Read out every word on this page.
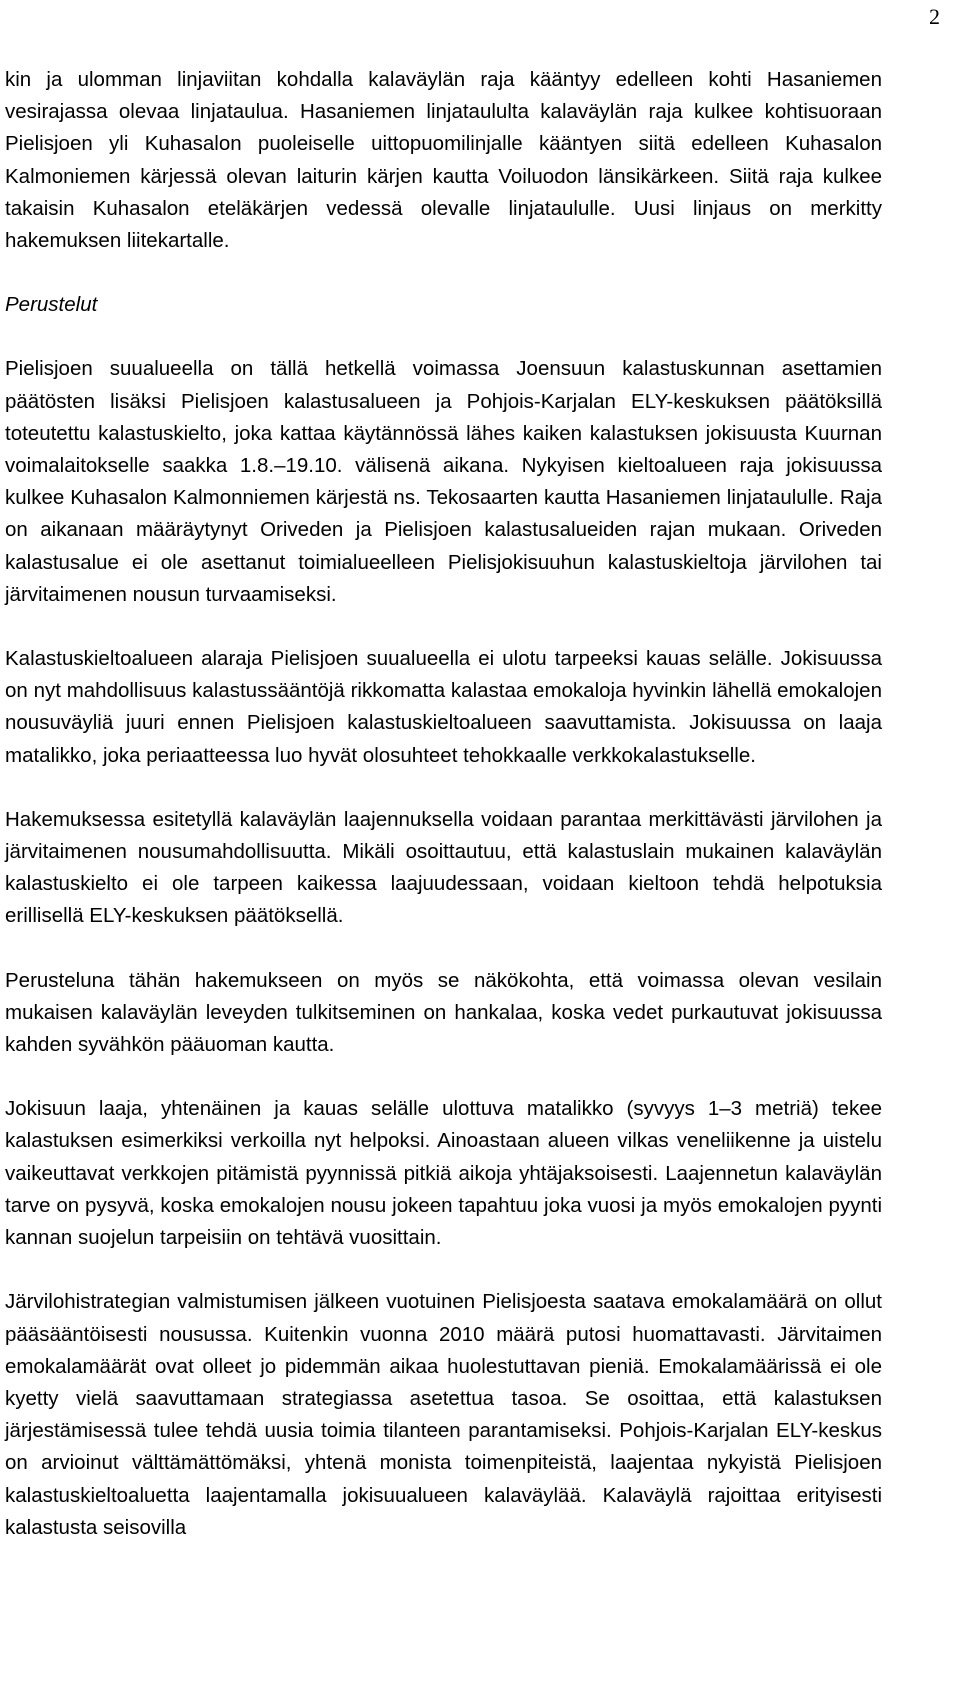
2

kin ja ulomman linjaviitan kohdalla kalaväylän raja kääntyy edelleen kohti Hasaniemen vesirajassa olevaa linjataulua. Hasaniemen linjataululta kalaväylän raja kulkee kohtisuoraan Pielisjoen yli Kuhasalon puoleiselle uittopuomilinjalle kääntyen siitä edelleen Kuhasalon Kalmoniemen kärjessä olevan laiturin kärjen kautta Voiluodon länsikärkeen. Siitä raja kulkee takaisin Kuhasalon eteläkärjen vedessä olevalle linjataululle. Uusi linjaus on merkitty hakemuksen liitekartalle.

Perustelut

Pielisjoen suualueella on tällä hetkellä voimassa Joensuun kalastuskunnan asettamien päätösten lisäksi Pielisjoen kalastusalueen ja Pohjois-Karjalan ELY-keskuksen päätöksillä toteutettu kalastuskielto, joka kattaa käytännössä lähes kaiken kalastuksen jokisuusta Kuurnan voimalaitokselle saakka 1.8.–19.10. välisenä aikana. Nykyisen kieltoalueen raja jokisuussa kulkee Kuhasalon Kalmonniemen kärjestä ns. Tekosaarten kautta Hasaniemen linjataululle. Raja on aikanaan määräytynyt Oriveden ja Pielisjoen kalastusalueiden rajan mukaan. Oriveden kalastusalue ei ole asettanut toimialueelleen Pielisjokisuuhun kalastuskieltoja järvilohen tai järvitaimenen nousun turvaamiseksi.

Kalastuskieltoalueen alaraja Pielisjoen suualueella ei ulotu tarpeeksi kauas selälle. Jokisuussa on nyt mahdollisuus kalastussääntöjä rikkomatta kalastaa emokaloja hyvinkin lähellä emokalojen nousuväyliä juuri ennen Pielisjoen kalastuskieltoalueen saavuttamista. Jokisuussa on laaja matalikko, joka periaatteessa luo hyvät olosuhteet tehokkaalle verkkokalastukselle.

Hakemuksessa esitetyllä kalaväylän laajennuksella voidaan parantaa merkittävästi järvilohen ja järvitaimenen nousumahdollisuutta. Mikäli osoittautuu, että kalastuslain mukainen kalaväylän kalastuskielto ei ole tarpeen kaikessa laajuudessaan, voidaan kieltoon tehdä helpotuksia erillisellä ELY-keskuksen päätöksellä.

Perusteluna tähän hakemukseen on myös se näkökohta, että voimassa olevan vesilain mukaisen kalaväylän leveyden tulkitseminen on hankalaa, koska vedet purkautuvat jokisuussa kahden syvähkön pääuoman kautta.

Jokisuun laaja, yhtenäinen ja kauas selälle ulottuva matalikko (syvyys 1–3 metriä) tekee kalastuksen esimerkiksi verkoilla nyt helpoksi. Ainoastaan alueen vilkas veneliikenne ja uistelu vaikeuttavat verkkojen pitämistä pyynnissä pitkiä aikoja yhtäjaksoisesti. Laajennetun kalaväylän tarve on pysyvä, koska emokalojen nousu jokeen tapahtuu joka vuosi ja myös emokalojen pyynti kannan suojelun tarpeisiin on tehtävä vuosittain.

Järvilohistrategian valmistumisen jälkeen vuotuinen Pielisjoesta saatava emokalamäärä on ollut pääsääntöisesti nousussa. Kuitenkin vuonna 2010 määrä putosi huomattavasti. Järvitaimen emokalamäärät ovat olleet jo pidemmän aikaa huolestuttavan pieniä. Emokalamäärissä ei ole kyetty vielä saavuttamaan strategiassa asetettua tasoa. Se osoittaa, että kalastuksen järjestämisessä tulee tehdä uusia toimia tilanteen parantamiseksi. Pohjois-Karjalan ELY-keskus on arvioinut välttämättömäksi, yhtenä monista toimenpiteistä, laajentaa nykyistä Pielisjoen kalastuskieltoaluetta laajentamalla jokisuualueen kalaväylää. Kalaväylä rajoittaa erityisesti kalastusta seisovilla
